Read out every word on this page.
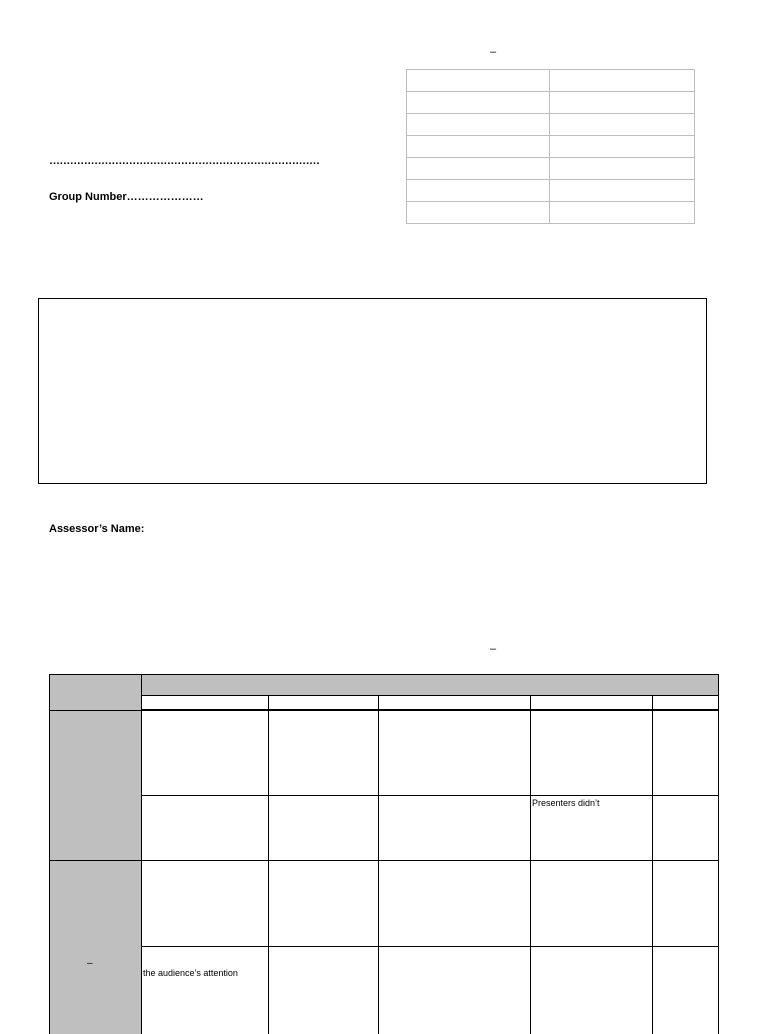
–

……………………………………………………………………
Group Number…………………
Assessor’s Name:
–
Presenters didn’t
–
the audience’s attention
